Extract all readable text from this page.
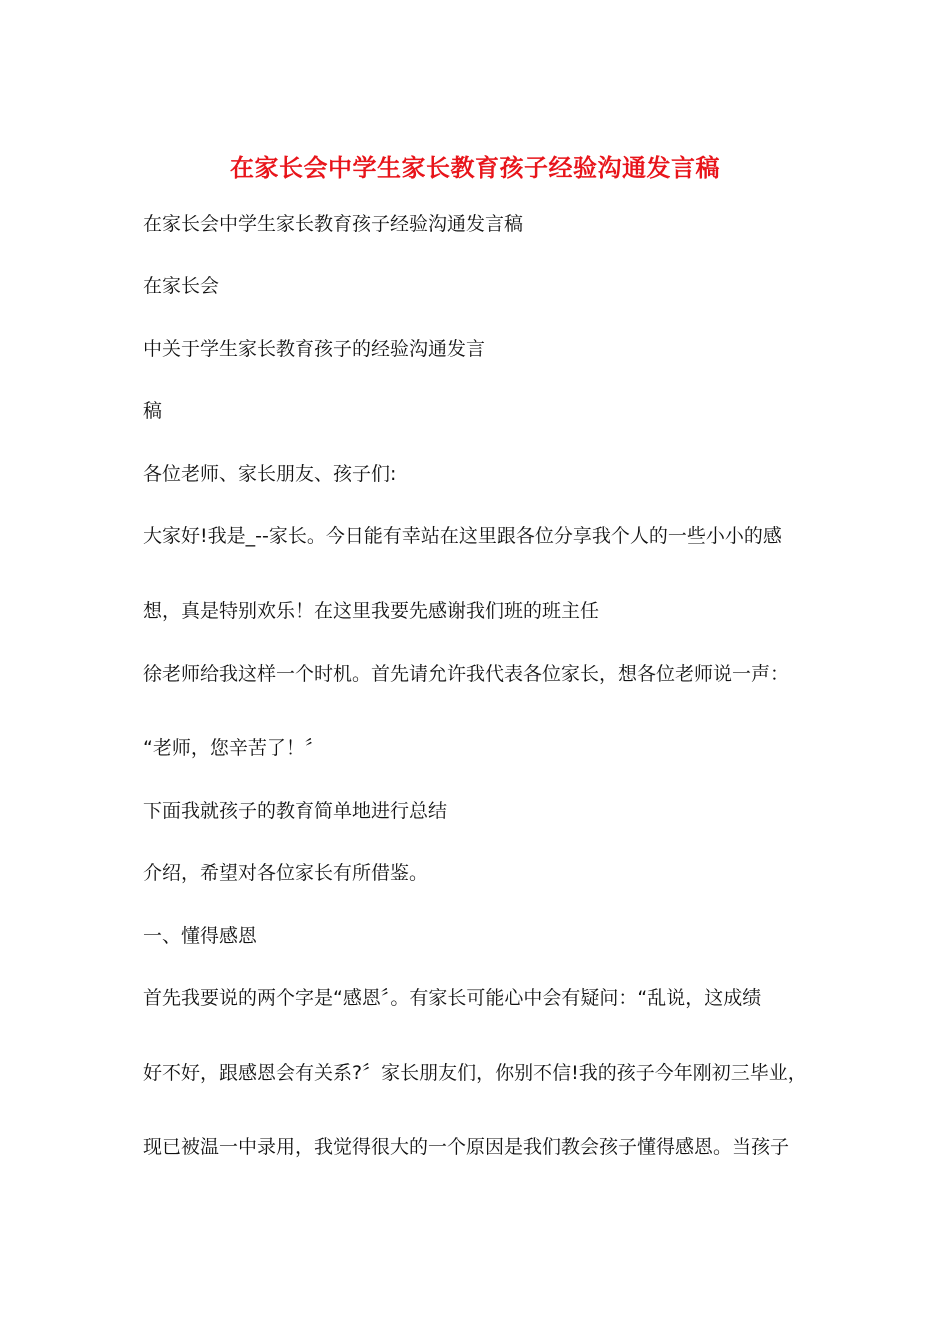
在家长会中学生家长教育孩子经验沟通发言稿
在家长会中学生家长教育孩子经验沟通发言稿
在家长会
中关于学生家长教育孩子的经验沟通发言
稿
各位老师、家长朋友、孩子们:
大家好!我是_--家长。今日能有幸站在这里跟各位分享我个人的一些小小的感
想，真是特别欢乐！在这里我要先感谢我们班的班主任
徐老师给我这样一个时机。首先请允许我代表各位家长，想各位老师说一声：
“老师，您辛苦了！〞
下面我就孩子的教育简单地进行总结
介绍，希望对各位家长有所借鉴。
一、懂得感恩
首先我要说的两个字是“感恩〞。有家长可能心中会有疑问：“乱说，这成绩
好不好，跟感恩会有关系?〞家长朋友们，你别不信!我的孩子今年刚初三毕业，
现已被温一中录用，我觉得很大的一个原因是我们教会孩子懂得感恩。当孩子
